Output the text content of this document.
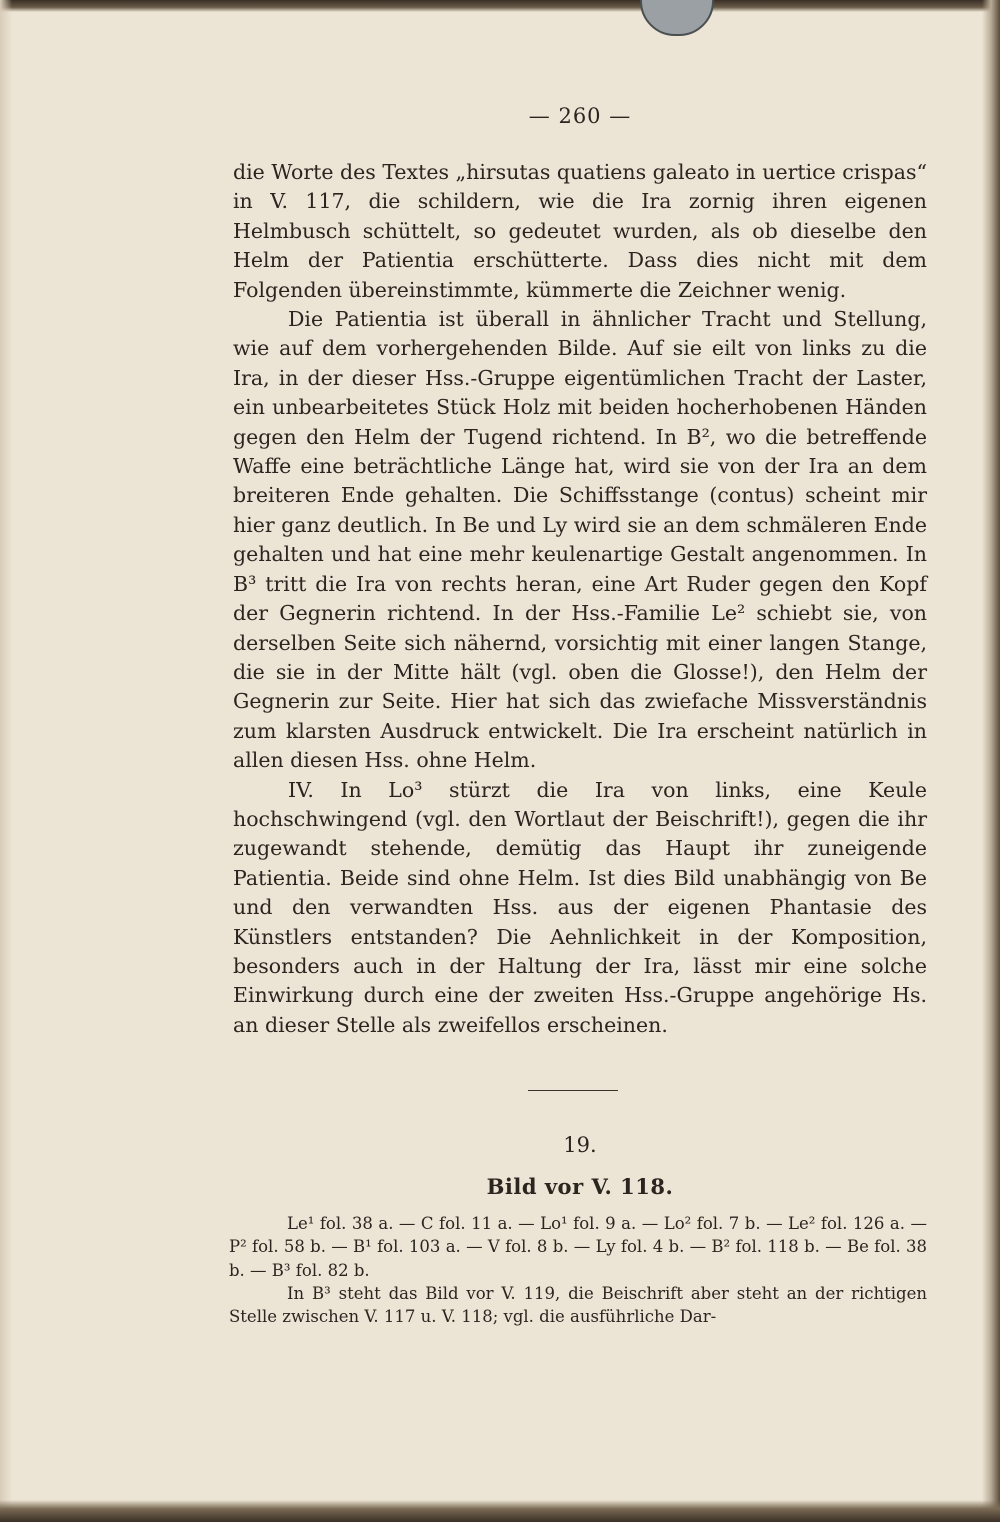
— 260 —

die Worte des Textes „hirsutas quatiens galeato in uertice crispas“ in V. 117, die schildern, wie die Ira zornig ihren eigenen Helmbusch schüttelt, so gedeutet wurden, als ob dieselbe den Helm der Patientia erschütterte. Dass dies nicht mit dem Folgenden übereinstimmte, kümmerte die Zeichner wenig.

Die Patientia ist überall in ähnlicher Tracht und Stellung, wie auf dem vorhergehenden Bilde. Auf sie eilt von links zu die Ira, in der dieser Hss.-Gruppe eigentümlichen Tracht der Laster, ein unbearbeitetes Stück Holz mit beiden hocherhobenen Händen gegen den Helm der Tugend richtend. In B², wo die betreffende Waffe eine beträchtliche Länge hat, wird sie von der Ira an dem breiteren Ende gehalten. Die Schiffsstange (contus) scheint mir hier ganz deutlich. In Be und Ly wird sie an dem schmäleren Ende gehalten und hat eine mehr keulenartige Gestalt angenommen. In B³ tritt die Ira von rechts heran, eine Art Ruder gegen den Kopf der Gegnerin richtend. In der Hss.-Familie Le² schiebt sie, von derselben Seite sich nähernd, vorsichtig mit einer langen Stange, die sie in der Mitte hält (vgl. oben die Glosse!), den Helm der Gegnerin zur Seite. Hier hat sich das zwiefache Missverständnis zum klarsten Ausdruck entwickelt. Die Ira erscheint natürlich in allen diesen Hss. ohne Helm.

IV. In Lo³ stürzt die Ira von links, eine Keule hochschwingend (vgl. den Wortlaut der Beischrift!), gegen die ihr zugewandt stehende, demütig das Haupt ihr zuneigende Patientia. Beide sind ohne Helm. Ist dies Bild unabhängig von Be und den verwandten Hss. aus der eigenen Phantasie des Künstlers entstanden? Die Aehnlichkeit in der Komposition, besonders auch in der Haltung der Ira, lässt mir eine solche Einwirkung durch eine der zweiten Hss.-Gruppe angehörige Hs. an dieser Stelle als zweifellos erscheinen.

19.
Bild vor V. 118.

Le¹ fol. 38 a. — C fol. 11 a. — Lo¹ fol. 9 a. — Lo² fol. 7 b. — Le² fol. 126 a. — P² fol. 58 b. — B¹ fol. 103 a. — V fol. 8 b. — Ly fol. 4 b. — B² fol. 118 b. — Be fol. 38 b. — B³ fol. 82 b.

In B³ steht das Bild vor V. 119, die Beischrift aber steht an der richtigen Stelle zwischen V. 117 u. V. 118; vgl. die ausführliche Dar-
